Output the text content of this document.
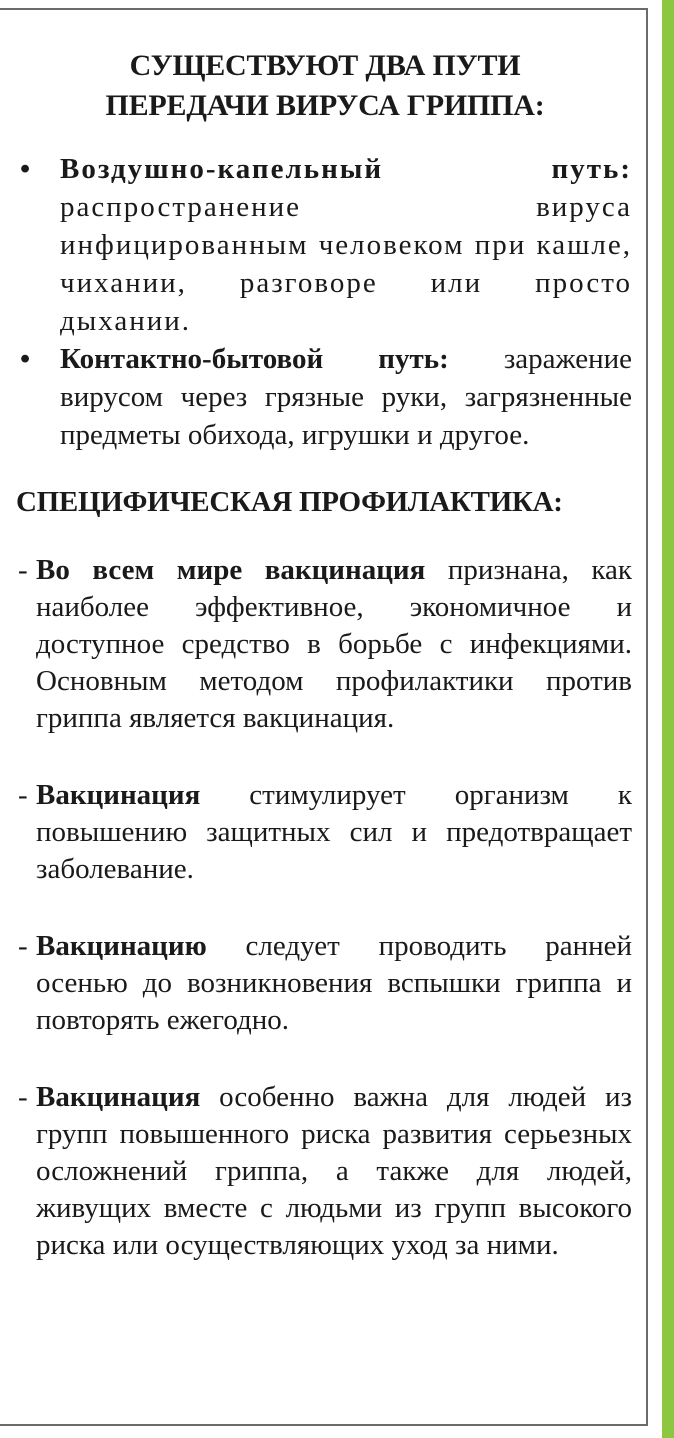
СУЩЕСТВУЮТ ДВА ПУТИ
ПЕРЕДАЧИ ВИРУСА ГРИППА:
• Воздушно-капельный путь: распространение вируса инфицированным человеком при кашле, чихании, разговоре или просто дыхании.
• Контактно-бытовой путь: заражение вирусом через грязные руки, загрязненные предметы обихода, игрушки и другое.
СПЕЦИФИЧЕСКАЯ ПРОФИЛАКТИКА:
- Во всем мире вакцинация признана, как наиболее эффективное, экономичное и доступное средство в борьбе с инфекциями. Основным методом профилактики против гриппа является вакцинация.
- Вакцинация стимулирует организм к повышению защитных сил и предотвращает заболевание.
- Вакцинацию следует проводить ранней осенью до возникновения вспышки гриппа и повторять ежегодно.
- Вакцинация особенно важна для людей из групп повышенного риска развития серьезных осложнений гриппа, а также для людей, живущих вместе с людьми из групп высокого риска или осуществляющих уход за ними.
